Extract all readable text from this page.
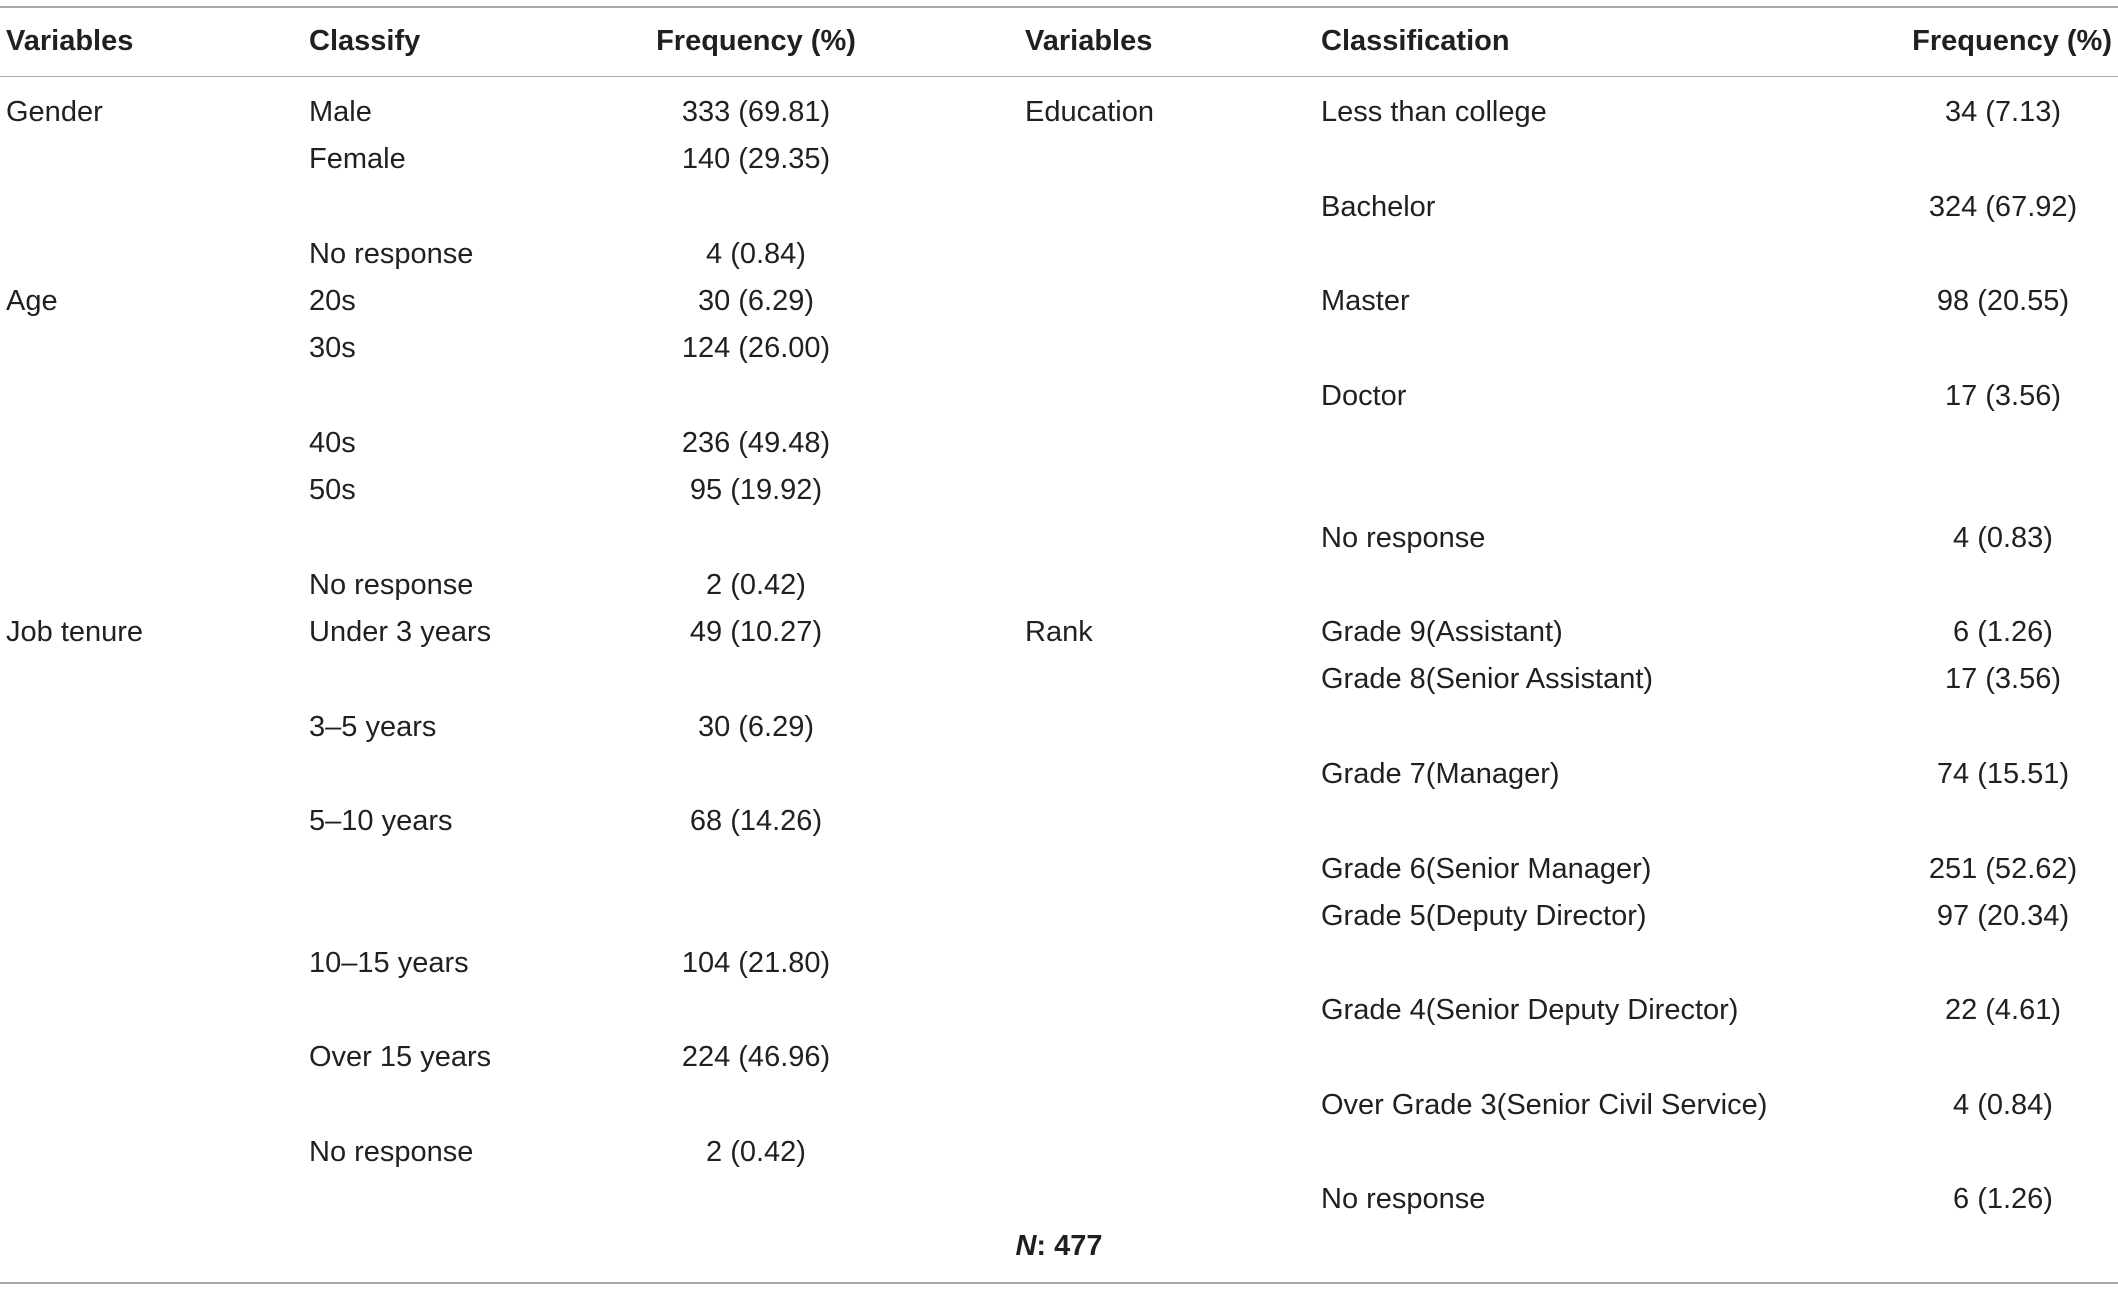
Variables	Classify	Frequency (%)	Variables	Classification	Frequency (%)
Gender	Male	333 (69.81)
Female	140 (29.35)
No response	4 (0.84)
Age	20s	30 (6.29)
30s	124 (26.00)
40s	236 (49.48)
50s	95 (19.92)
No response	2 (0.42)
Job tenure	Under 3 years	49 (10.27)
3–5 years	30 (6.29)
5–10 years	68 (14.26)
10–15 years	104 (21.80)
Over 15 years	224 (46.96)
No response	2 (0.42)
Education	Less than college	34 (7.13)
Bachelor	324 (67.92)
Master	98 (20.55)
Doctor	17 (3.56)
No response	4 (0.83)
Rank	Grade 9(Assistant)	6 (1.26)
Grade 8(Senior Assistant)	17 (3.56)
Grade 7(Manager)	74 (15.51)
Grade 6(Senior Manager)	251 (52.62)
Grade 5(Deputy Director)	97 (20.34)
Grade 4(Senior Deputy Director)	22 (4.61)
Over Grade 3(Senior Civil Service)	4 (0.84)
No response	6 (1.26)
N: 477
